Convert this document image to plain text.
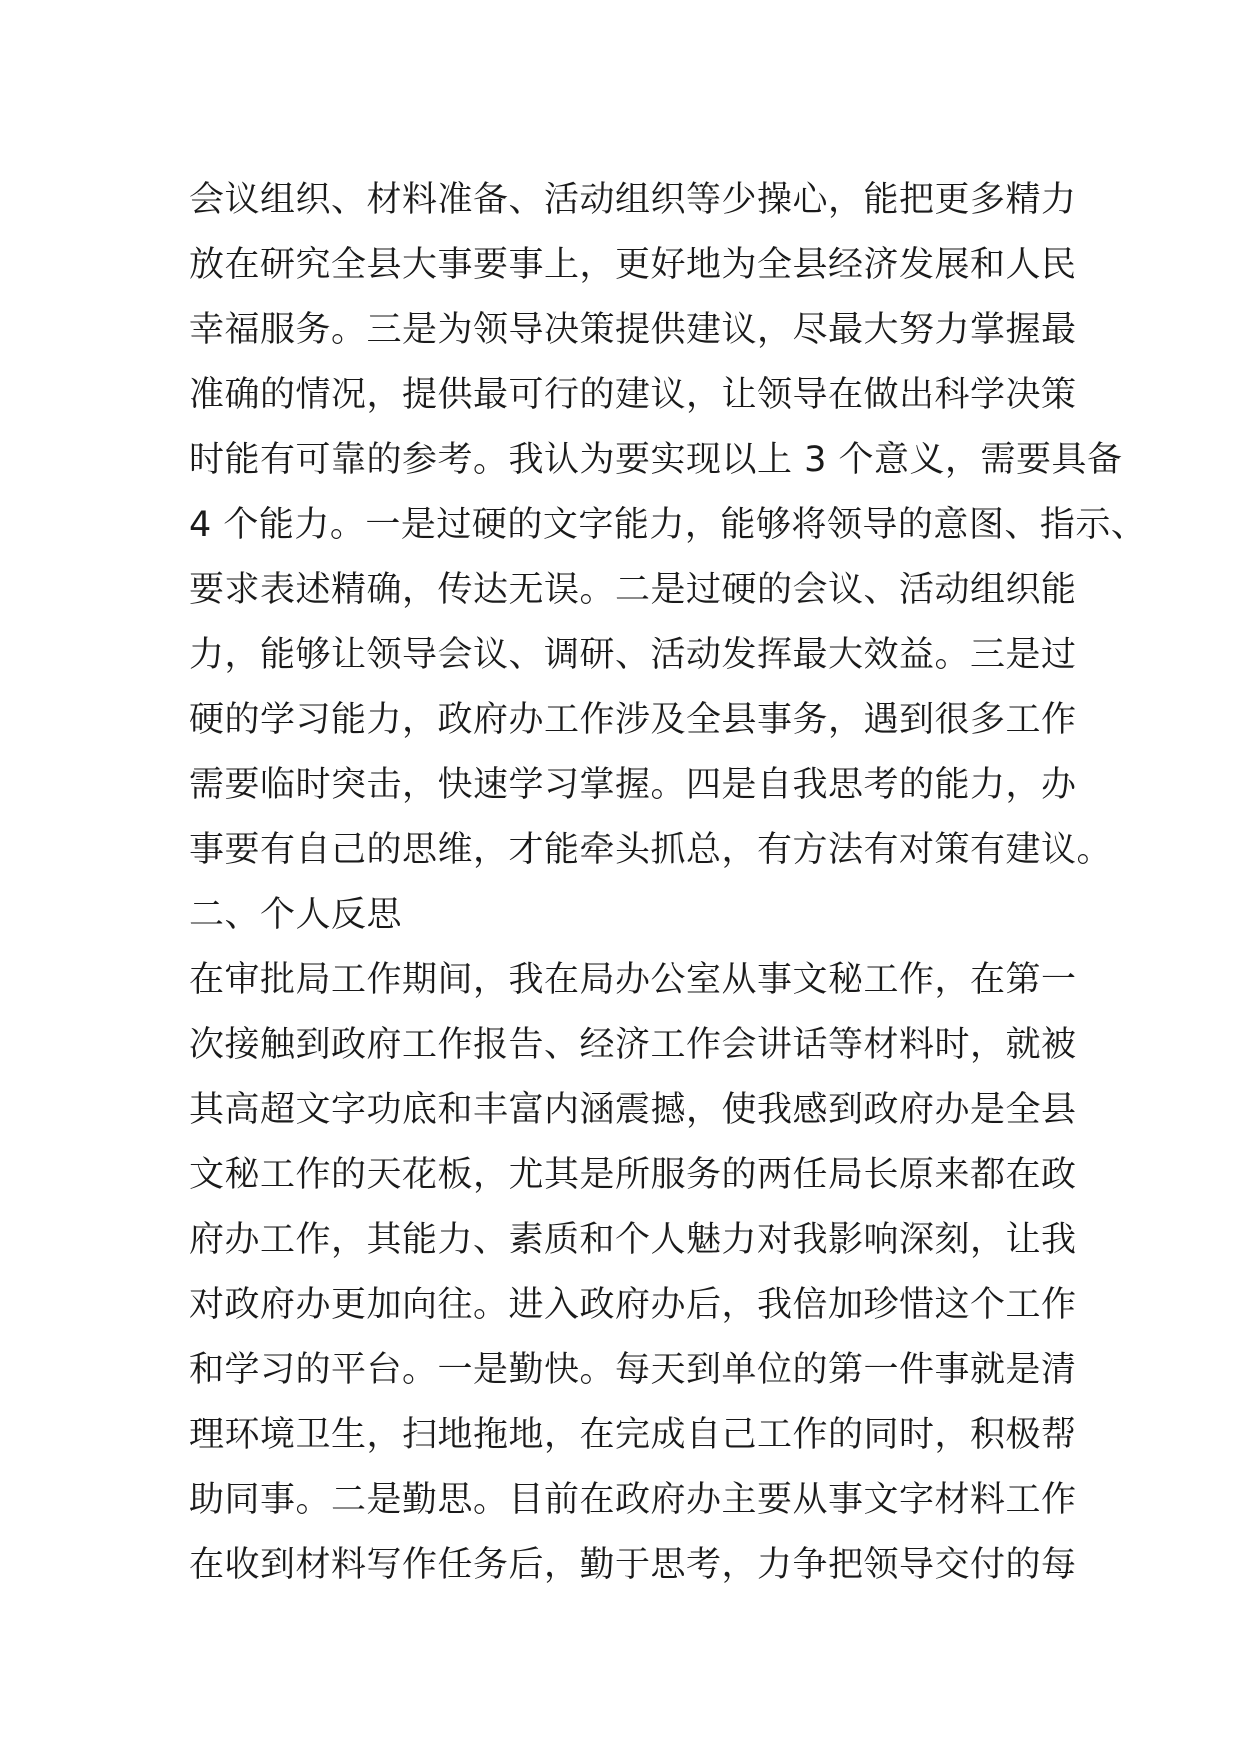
会议组织、材料准备、活动组织等少操心，能把更多精力
放在研究全县大事要事上，更好地为全县经济发展和人民
幸福服务。三是为领导决策提供建议，尽最大努力掌握最
准确的情况，提供最可行的建议，让领导在做出科学决策
时能有可靠的参考。我认为要实现以上 3 个意义，需要具备
4 个能力。一是过硬的文字能力，能够将领导的意图、指示、
要求表述精确，传达无误。二是过硬的会议、活动组织能
力，能够让领导会议、调研、活动发挥最大效益。三是过
硬的学习能力，政府办工作涉及全县事务，遇到很多工作
需要临时突击，快速学习掌握。四是自我思考的能力，办
事要有自己的思维，才能牵头抓总，有方法有对策有建议。
二、个人反思
在审批局工作期间，我在局办公室从事文秘工作，在第一
次接触到政府工作报告、经济工作会讲话等材料时，就被
其高超文字功底和丰富内涵震撼，使我感到政府办是全县
文秘工作的天花板，尤其是所服务的两任局长原来都在政
府办工作，其能力、素质和个人魅力对我影响深刻，让我
对政府办更加向往。进入政府办后，我倍加珍惜这个工作
和学习的平台。一是勤快。每天到单位的第一件事就是清
理环境卫生，扫地拖地，在完成自己工作的同时，积极帮
助同事。二是勤思。目前在政府办主要从事文字材料工作
在收到材料写作任务后，勤于思考，力争把领导交付的每
